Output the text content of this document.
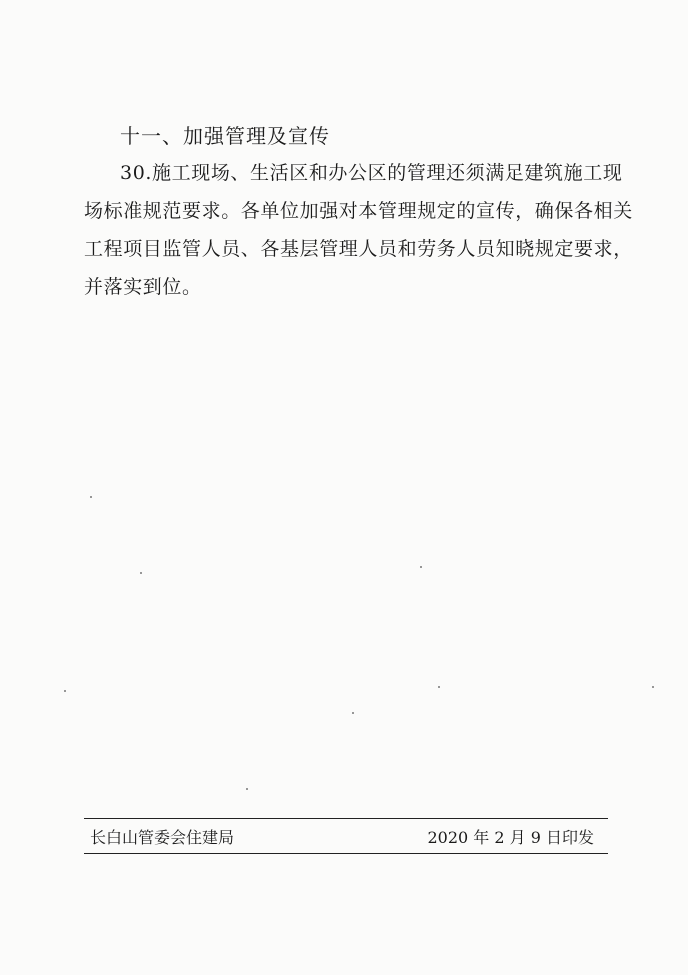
十一、加强管理及宣传
30.施工现场、生活区和办公区的管理还须满足建筑施工现
场标准规范要求。各单位加强对本管理规定的宣传，确保各相关
工程项目监管人员、各基层管理人员和劳务人员知晓规定要求，
并落实到位。
长白山管委会住建局	2020 年 2 月 9 日印发
